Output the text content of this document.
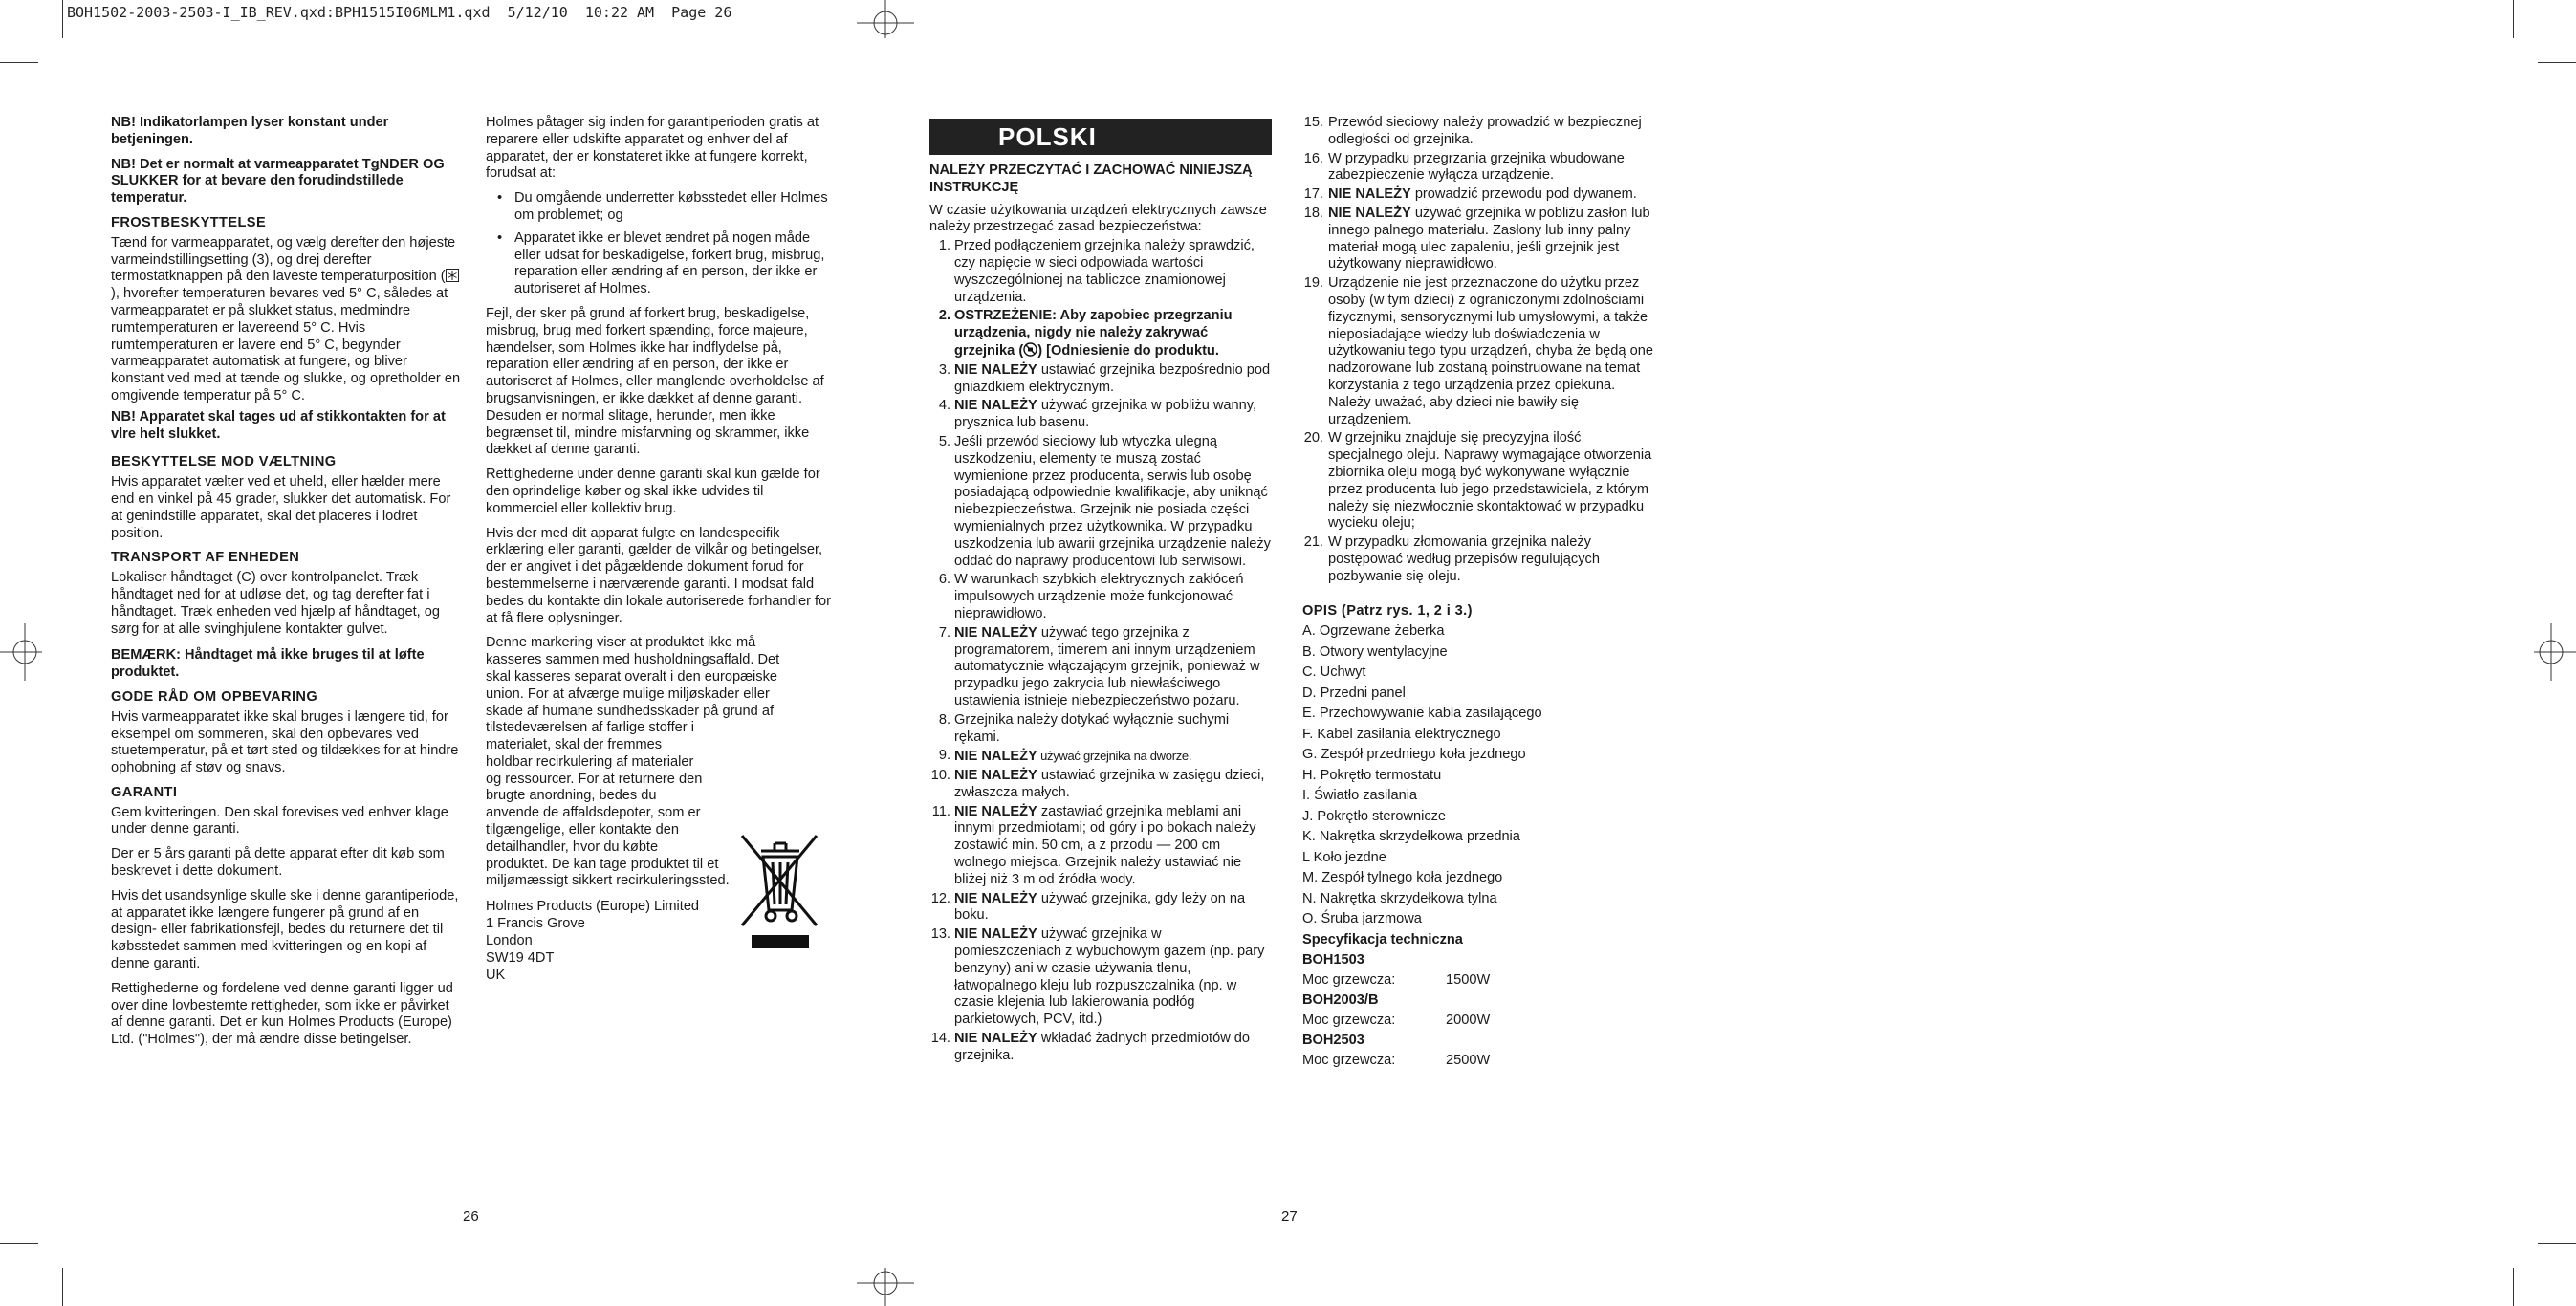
BOH1502-2003-2503-I_IB_REV.qxd:BPH1515I06MLM1.qxd  5/12/10  10:22 AM  Page 26

NB! Indikatorlampen lyser konstant under betjeningen.

NB! Det er normalt at varmeapparatet TǥNDER OG SLUKKER for at bevare den forudindstillede temperatur.

FROSTBESKYTTELSE

Tænd for varmeapparatet, og vælg derefter den højeste varmeindstillingsetting (3), og drej derefter termostatknappen på den laveste temperaturposition (), hvorefter temperaturen bevares ved 5° C, således at varmeapparatet er på slukket status, medmindre rumtemperaturen er lavereend 5° C. Hvis rumtemperaturen er lavere end 5° C, begynder varmeapparatet automatisk at fungere, og bliver konstant ved med at tænde og slukke, og opretholder en omgivende temperatur på 5° C.

NB! Apparatet skal tages ud af stikkontakten for at vlre helt slukket.

BESKYTTELSE MOD VÆLTNING

Hvis apparatet vælter ved et uheld, eller hælder mere end en vinkel på 45 grader, slukker det automatisk. For at genindstille apparatet, skal det placeres i lodret position.

TRANSPORT AF ENHEDEN

Lokaliser håndtaget (C) over kontrolpanelet. Træk håndtaget ned for at udløse det, og tag derefter fat i håndtaget. Træk enheden ved hjælp af håndtaget, og sørg for at alle svinghjulene kontakter gulvet.

BEMÆRK: Håndtaget må ikke bruges til at løfte produktet.

GODE RÅD OM OPBEVARING

Hvis varmeapparatet ikke skal bruges i længere tid, for eksempel om sommeren, skal den opbevares ved stuetemperatur, på et tørt sted og tildækkes for at hindre ophobning af støv og snavs.

GARANTI

Gem kvitteringen. Den skal forevises ved enhver klage under denne garanti.

Der er 5 års garanti på dette apparat efter dit køb som beskrevet i dette dokument.

Hvis det usandsynlige skulle ske i denne garantiperiode, at apparatet ikke længere fungerer på grund af en design- eller fabrikationsfejl, bedes du returnere det til købsstedet sammen med kvitteringen og en kopi af denne garanti.

Rettighederne og fordelene ved denne garanti ligger ud over dine lovbestemte rettigheder, som ikke er påvirket af denne garanti. Det er kun Holmes Products (Europe) Ltd. ("Holmes"), der må ændre disse betingelser.

Holmes påtager sig inden for garantiperioden gratis at reparere eller udskifte apparatet og enhver del af apparatet, der er konstateret ikke at fungere korrekt, forudsat at:

• Du omgående underretter købsstedet eller Holmes om problemet; og
• Apparatet ikke er blevet ændret på nogen måde eller udsat for beskadigelse, forkert brug, misbrug, reparation eller ændring af en person, der ikke er autoriseret af Holmes.

Fejl, der sker på grund af forkert brug, beskadigelse, misbrug, brug med forkert spænding, force majeure, hændelser, som Holmes ikke har indflydelse på, reparation eller ændring af en person, der ikke er autoriseret af Holmes, eller manglende overholdelse af brugsanvisningen, er ikke dækket af denne garanti. Desuden er normal slitage, herunder, men ikke begrænset til, mindre misfarvning og skrammer, ikke dækket af denne garanti.

Rettighederne under denne garanti skal kun gælde for den oprindelige køber og skal ikke udvides til kommerciel eller kollektiv brug.

Hvis der med dit apparat fulgte en landespecifik erklæring eller garanti, gælder de vilkår og betingelser, der er angivet i det pågældende dokument forud for bestemmelserne i nærværende garanti. I modsat fald bedes du kontakte din lokale autoriserede forhandler for at få flere oplysninger.

Denne markering viser at produktet ikke må
kasseres sammen med husholdningsaffald. Det
skal kasseres separat overalt i den europæiske
union. For at afværge mulige miljøskader eller
skade af humane sundhedsskader på grund af
tilstedeværelsen af farlige stoffer i
materialet, skal der fremmes
holdbar recirkulering af materialer
og ressourcer. For at returnere den
brugte anordning, bedes du
anvende de affaldsdepoter, som er
tilgængelige, eller kontakte den
detailhandler, hvor du købte
produktet. De kan tage produktet til et
miljømæssigt sikkert recirkuleringssted.
Holmes Products (Europe) Limited
1 Francis Grove
London
SW19 4DT
UK
POLSKI

NALEŻY PRZECZYTAĆ I ZACHOWAĆ NINIEJSZĄ INSTRUKCJĘ

W czasie użytkowania urządzeń elektrycznych zawsze należy przestrzegać zasad bezpieczeństwa:

1. Przed podłączeniem grzejnika należy sprawdzić, czy napięcie w sieci odpowiada wartości wyszczególnionej na tabliczce znamionowej urządzenia.
2. OSTRZEŻENIE: Aby zapobiec przegrzaniu urządzenia, nigdy nie należy zakrywać grzejnika ( ) [Odniesienie do produktu.
3. NIE NALEŻY ustawiać grzejnika bezpośrednio pod gniazdkiem elektrycznym.
4. NIE NALEŻY używać grzejnika w pobliżu wanny, prysznica lub basenu.
5. Jeśli przewód sieciowy lub wtyczka ulegną uszkodzeniu, elementy te muszą zostać wymienione przez producenta, serwis lub osobę posiadającą odpowiednie kwalifikacje, aby uniknąć niebezpieczeństwa. Grzejnik nie posiada części wymienialnych przez użytkownika. W przypadku uszkodzenia lub awarii grzejnika urządzenie należy oddać do naprawy producentowi lub serwisowi.
6. W warunkach szybkich elektrycznych zakłóceń impulsowych urządzenie może funkcjonować nieprawidłowo.
7. NIE NALEŻY używać tego grzejnika z programatorem, timerem ani innym urządzeniem automatycznie włączającym grzejnik, ponieważ w przypadku jego zakrycia lub niewłaściwego ustawienia istnieje niebezpieczeństwo pożaru.
8. Grzejnika należy dotykać wyłącznie suchymi rękami.
9. NIE NALEŻY używać grzejnika na dworze.
10. NIE NALEŻY ustawiać grzejnika w zasięgu dzieci, zwłaszcza małych.
11. NIE NALEŻY zastawiać grzejnika meblami ani innymi przedmiotami; od góry i po bokach należy zostawić min. 50 cm, a z przodu — 200 cm wolnego miejsca. Grzejnik należy ustawiać nie bliżej niż 3 m od źródła wody.
12. NIE NALEŻY używać grzejnika, gdy leży on na boku.
13. NIE NALEŻY używać grzejnika w pomieszczeniach z wybuchowym gazem (np. pary benzyny) ani w czasie używania tlenu, łatwopalnego kleju lub rozpuszczalnika (np. w czasie klejenia lub lakierowania podłóg parkietowych, PCV, itd.)
14. NIE NALEŻY wkładać żadnych przedmiotów do grzejnika.
15. Przewód sieciowy należy prowadzić w bezpiecznej odległości od grzejnika.
16. W przypadku przegrzania grzejnika wbudowane zabezpieczenie wyłącza urządzenie.
17. NIE NALEŻY prowadzić przewodu pod dywanem.
18. NIE NALEŻY używać grzejnika w pobliżu zasłon lub innego palnego materiału. Zasłony lub inny palny materiał mogą ulec zapaleniu, jeśli grzejnik jest użytkowany nieprawidłowo.
19. Urządzenie nie jest przeznaczone do użytku przez osoby (w tym dzieci) z ograniczonymi zdolnościami fizycznymi, sensorycznymi lub umysłowymi, a także nieposiadające wiedzy lub doświadczenia w użytkowaniu tego typu urządzeń, chyba że będą one nadzorowane lub zostaną poinstruowane na temat korzystania z tego urządzenia przez opiekuna. Należy uważać, aby dzieci nie bawiły się urządzeniem.
20. W grzejniku znajduje się precyzyjna ilość specjalnego oleju. Naprawy wymagające otworzenia zbiornika oleju mogą być wykonywane wyłącznie przez producenta lub jego przedstawiciela, z którym należy się niezwłocznie skontaktować w przypadku wycieku oleju;
21. W przypadku złomowania grzejnika należy postępować według przepisów regulujących pozbywanie się oleju.
OPIS (Patrz rys. 1, 2 i 3.)
A. Ogrzewane żeberka
B. Otwory wentylacyjne
C. Uchwyt
D. Przedni panel
E. Przechowywanie kabla zasilającego
F. Kabel zasilania elektrycznego
G. Zespół przedniego koła jezdnego
H. Pokrętło termostatu
I. Światło zasilania
J. Pokrętło sterownicze
K. Nakrętka skrzydełkowa przednia
L Koło jezdne
M. Zespół tylnego koła jezdnego
N. Nakrętka skrzydełkowa tylna
O. Śruba jarzmowa
Specyfikacja techniczna
BOH1503
Moc grzewcza:	1500W
BOH2003/B
Moc grzewcza:	2000W
BOH2503
Moc grzewcza:	2500W
26	27
